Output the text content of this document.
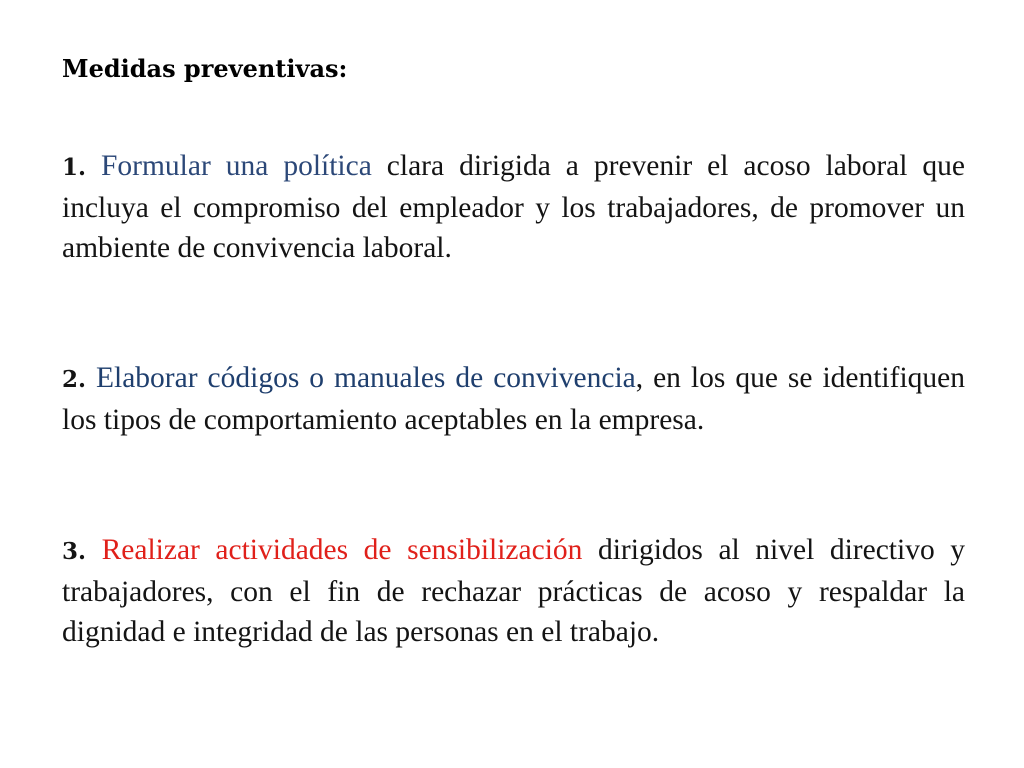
Medidas preventivas:

1. Formular una política clara dirigida a prevenir el acoso laboral que incluya el compromiso del empleador y los trabajadores, de promover un ambiente de convivencia laboral.

2. Elaborar códigos o manuales de convivencia, en los que se identifiquen los tipos de comportamiento aceptables en la empresa.

3. Realizar actividades de sensibilización dirigidos al nivel directivo y trabajadores, con el fin de rechazar prácticas de acoso y respaldar la dignidad e integridad de las personas en el trabajo.
